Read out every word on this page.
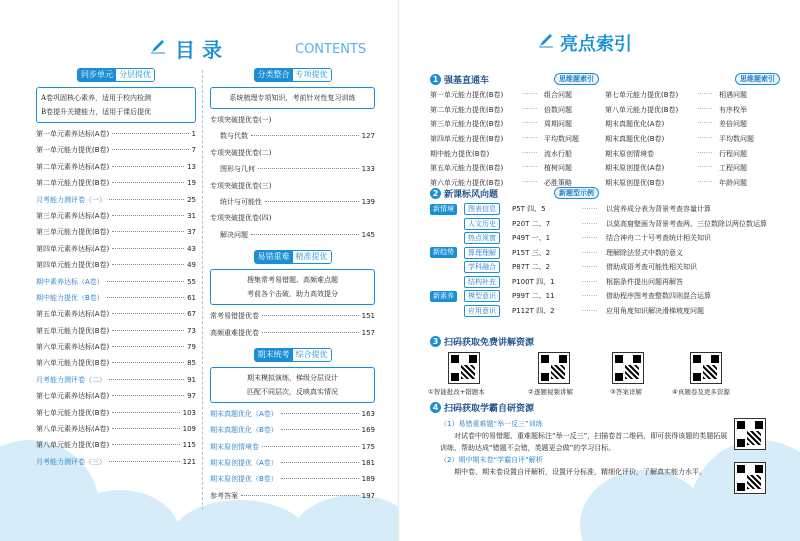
目 录	CONTENTS
同步单元 分层提优
A卷巩固核心素养，适用于校内检测
B卷提升关键能力，适用于课后提优
第一单元素养达标(A卷)	1
第一单元能力提优(B卷)	7
第二单元素养达标(A卷)	13
第二单元能力提优(B卷)	19
月考能力测评卷（一）	25
第三单元素养达标(A卷)	31
第三单元能力提优(B卷)	37
第四单元素养达标(A卷)	43
第四单元能力提优(B卷)	49
期中素养达标（A卷）	55
期中能力提优（B卷）	61
第五单元素养达标(A卷)	67
第五单元能力提优(B卷)	73
第六单元素养达标(A卷)	79
第六单元能力提优(B卷)	85
月考能力测评卷（二）	91
第七单元素养达标(A卷)	97
第七单元能力提优(B卷)	103
第八单元素养达标(A卷)	109
第八单元能力提优(B卷)	115
月考能力测评卷（三）	121
分类整合 专项提优
系统梳理专项知识，考前针对性复习训练
专项突破提优卷(一)
数与代数	127
专项突破提优卷(二)
图形与几何	133
专项突破提优卷(三)
统计与可能性	139
专项突破提优卷(四)
解决问题	145
易错重难 精准提优
搜集常考易错题、高频难点题
考前各个击破，助力高效提分
常考易错提优卷	151
高频重难提优卷	157
期末统考 综合提优
期末模拟演练，梯级分层设计
匹配不同层次，反映真实情况
期末真题优化（A卷）	163
期末真题优化（B卷）	169
期末原创情境卷	175
期末原创提优（A卷）	181
期末原创提优（B卷）	189
参考答案	197
亮点索引
1 强基直通车	思维题索引	思维题索引
第一单元能力提优(B卷)	······· 组合问题	第七单元能力提优(B卷)	······· 相遇问题
第二单元能力提优(B卷)	······· 倍数问题	第八单元能力提优(B卷)	······· 有序枚举
第三单元能力提优(B卷)	······· 周期问题	期末真题优化(A卷)	······· 差倍问题
第四单元能力提优(B卷)	······· 平均数问题	期末真题优化(B卷)	······· 平均数问题
期中能力提优(B卷)	······· 流水行船	期末原创情境卷	······· 行程问题
第五单元能力提优(B卷)	······· 植树问题	期末原创提优(A卷)	······· 工程问题
第六单元能力提优(B卷)	······· 必胜策略	期末原创提优(B卷)	······· 年龄问题
2 新课标风向题	新题型示例
新情境	图表信息	P5T 四、5	·······	以营养成分表为背景考查容量计算
人文历史	P20T 二、7	·······	以莫高窟壁画为背景考查两、三位数除以两位数运算
热点视窗	P49T 一、1	·······	结合神舟二十号考查统计相关知识
新趋势	算理理解	P15T 三、2	·······	理解除法竖式中数的意义
学科融合	P87T 二、2	·······	借助成语考查可能性相关知识
结构补充	P100T 四、1	·······	根据条件提出问题再解答
新素养	模型意识	P99T 二、11	·······	借助程序图考查整数四则混合运算
应用意识	P112T 四、2	·······	应用角度知识解决滑梯坡度问题
3 扫码获取免费讲解资源
①智能批改+错题本	②逐题视频讲解	③答案详解	④真题卷及更多资源
4 扫码获取学霸自研资源
（1）易错重难题“举一反三”训练
对试卷中的易错题、重难题标注“举一反三”，扫描卷首二维码，即可获得该题的类题拓展训练，帮助达成“错题不会错，类题更会做”的学习目标。
（2）期中期末卷“学霸自评”解析
期中卷、期末卷设置自评解析，设置评分标准，精细化评价，了解真实能力水平。
